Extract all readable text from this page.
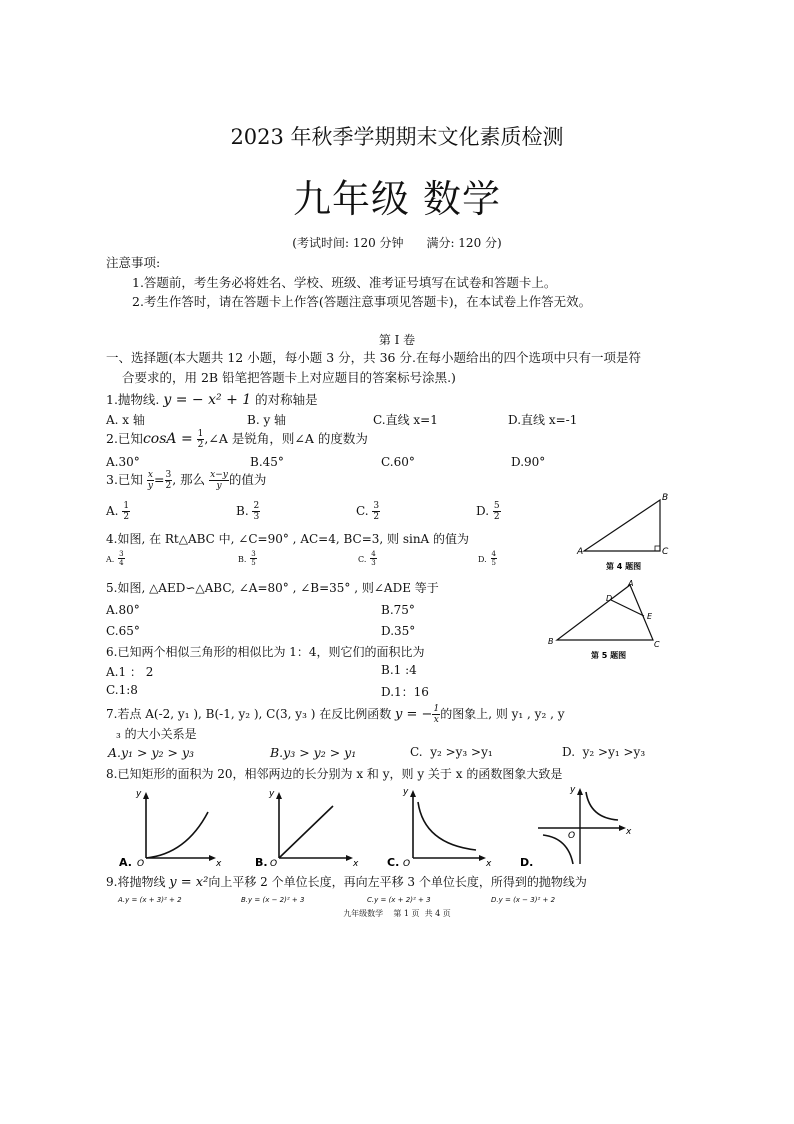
2023 年秋季学期期末文化素质检测
九年级 数学
(考试时间: 120 分钟      满分: 120 分)
注意事项:
1.答题前，考生务必将姓名、学校、班级、准考证号填写在试卷和答题卡上。
2.考生作答时，请在答题卡上作答(答题注意事项见答题卡)，在本试卷上作答无效。
第 I 卷
一、选择题(本大题共 12 小题，每小题 3 分，共 36 分.在每小题给出的四个选项中只有一项是符
合要求的，用 2B 铅笔把答题卡上对应题目的答案标号涂黑.)
1.抛物线. y = − x² + 1 的对称轴是
A. x 轴	B. y 轴	C.直线 x=1	D.直线 x=-1
2.已知$\cos A = \frac{1}{2}$ ,∠A 是锐角，则∠A 的度数为
A.30°	B.45°	C.60°	D.90°
3.已知 $\frac{x}{y} = \frac{3}{2}$ , 那么 $\frac{x-y}{y}$ 的值为
A. $\frac{1}{2}$	B. $\frac{2}{3}$	C. $\frac{3}{2}$	D. $\frac{5}{2}$
4.如图, 在 Rt△ABC 中, ∠C=90° , AC=4, BC=3, 则 sinA 的值为
A. $\frac{3}{4}$	B. $\frac{3}{5}$	C. $\frac{4}{3}$	D. $\frac{4}{5}$	A
B
C
第 4 题图
5.如图, △AED∽△ABC, ∠A=80° , ∠B=35° , 则∠ADE 等于
A.80°	B.75°
C.65°	D.35°
A
D
E
B	C
第 5 题图
6.已知两个相似三角形的相似比为 1：4，则它们的面积比为
A.1 ： 2	B.1 :4
C.1:8	D.1：16
7.若点 A(-2, y₁ ), B(-1, y₂ ), C(3, y₃ ) 在反比例函数 y = − $\frac{1}{x}$ 的图象上, 则 y₁ , y₂ , y
₃ 的大小关系是
A.y₁ > y₂ > y₃	B.y₃ > y₂ > y₁	C.  y₂ >y₃ >y₁	D.  y₂ >y₁ >y₃
8.已知矩形的面积为 20，相邻两边的长分别为 x 和 y，则 y 关于 x 的函数图象大致是
y
x
O
A.
y
x
O
B.
y
x
O
C.
y
x
O
D.
9.将抛物线 y = x²向上平移 2 个单位长度，再向左平移 3 个单位长度，所得到的抛物线为
A.y = (x + 3)² + 2	B.y = (x − 2)² + 3	C.y = (x + 2)² + 3	D.y = (x − 3)² + 2
九年级数学    第 1 页  共 4 页
